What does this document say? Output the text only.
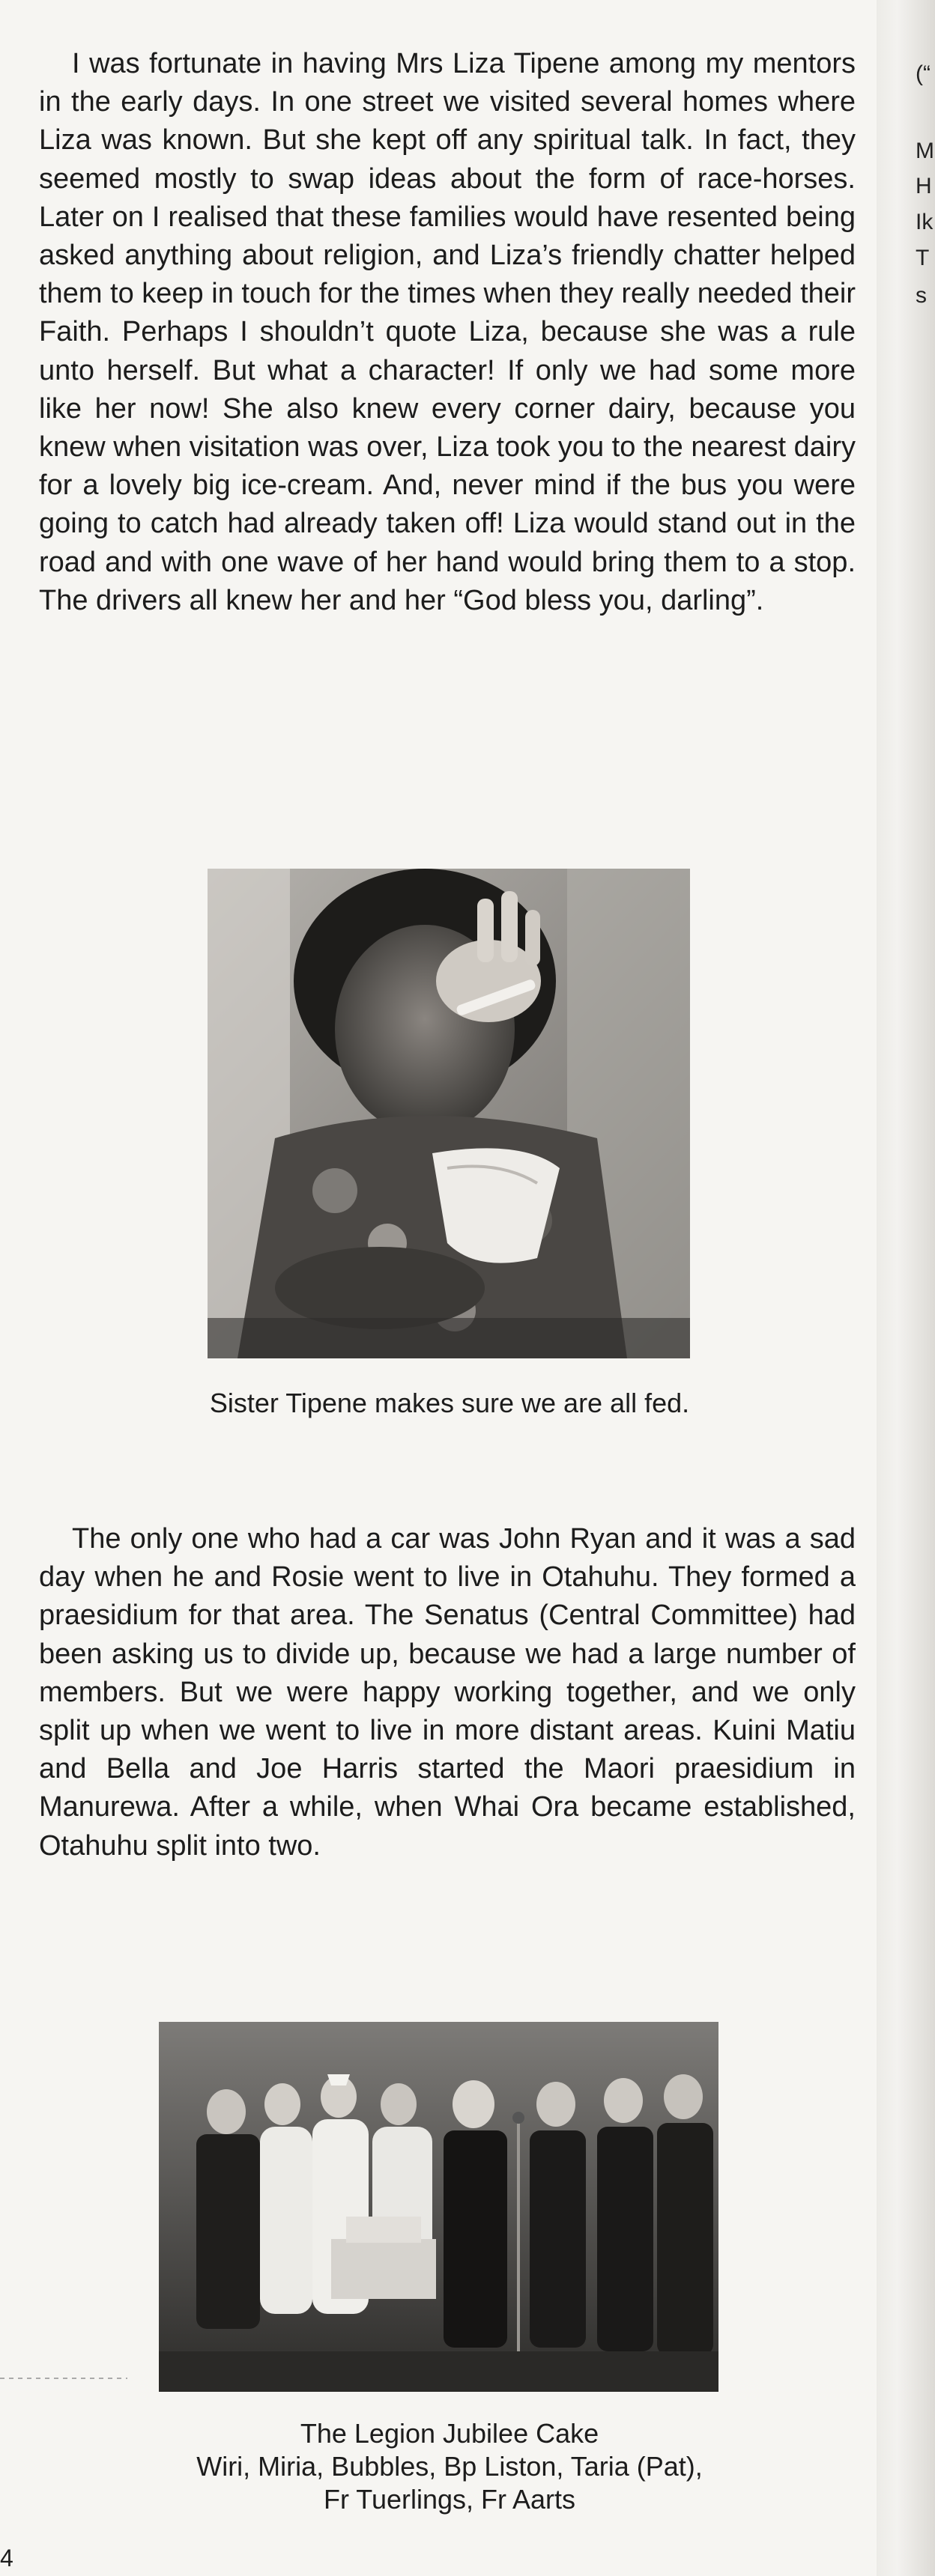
(“
M
H
Ik
T
s

I was fortunate in having Mrs Liza Tipene among my mentors in the early days. In one street we visited several homes where Liza was known. But she kept off any spiritual talk. In fact, they seemed mostly to swap ideas about the form of race-horses. Later on I realised that these families would have resented being asked anything about religion, and Liza’s friendly chatter helped them to keep in touch for the times when they really needed their Faith. Perhaps I shouldn’t quote Liza, because she was a rule unto herself. But what a character! If only we had some more like her now! She also knew every corner dairy, because you knew when visitation was over, Liza took you to the nearest dairy for a lovely big ice-cream. And, never mind if the bus you were going to catch had already taken off! Liza would stand out in the road and with one wave of her hand would bring them to a stop. The drivers all knew her and her “God bless you, darling”.

Sister Tipene makes sure we are all fed.

The only one who had a car was John Ryan and it was a sad day when he and Rosie went to live in Otahuhu. They formed a praesidium for that area. The Senatus (Central Committee) had been asking us to divide up, because we had a large number of members. But we were happy working together, and we only split up when we went to live in more distant areas. Kuini Matiu and Bella and Joe Harris started the Maori praesidium in Manurewa. After a while, when Whai Ora became established, Otahuhu split into two.

The Legion Jubilee Cake
Wiri, Miria, Bubbles, Bp Liston, Taria (Pat),
Fr Tuerlings, Fr Aarts
4
